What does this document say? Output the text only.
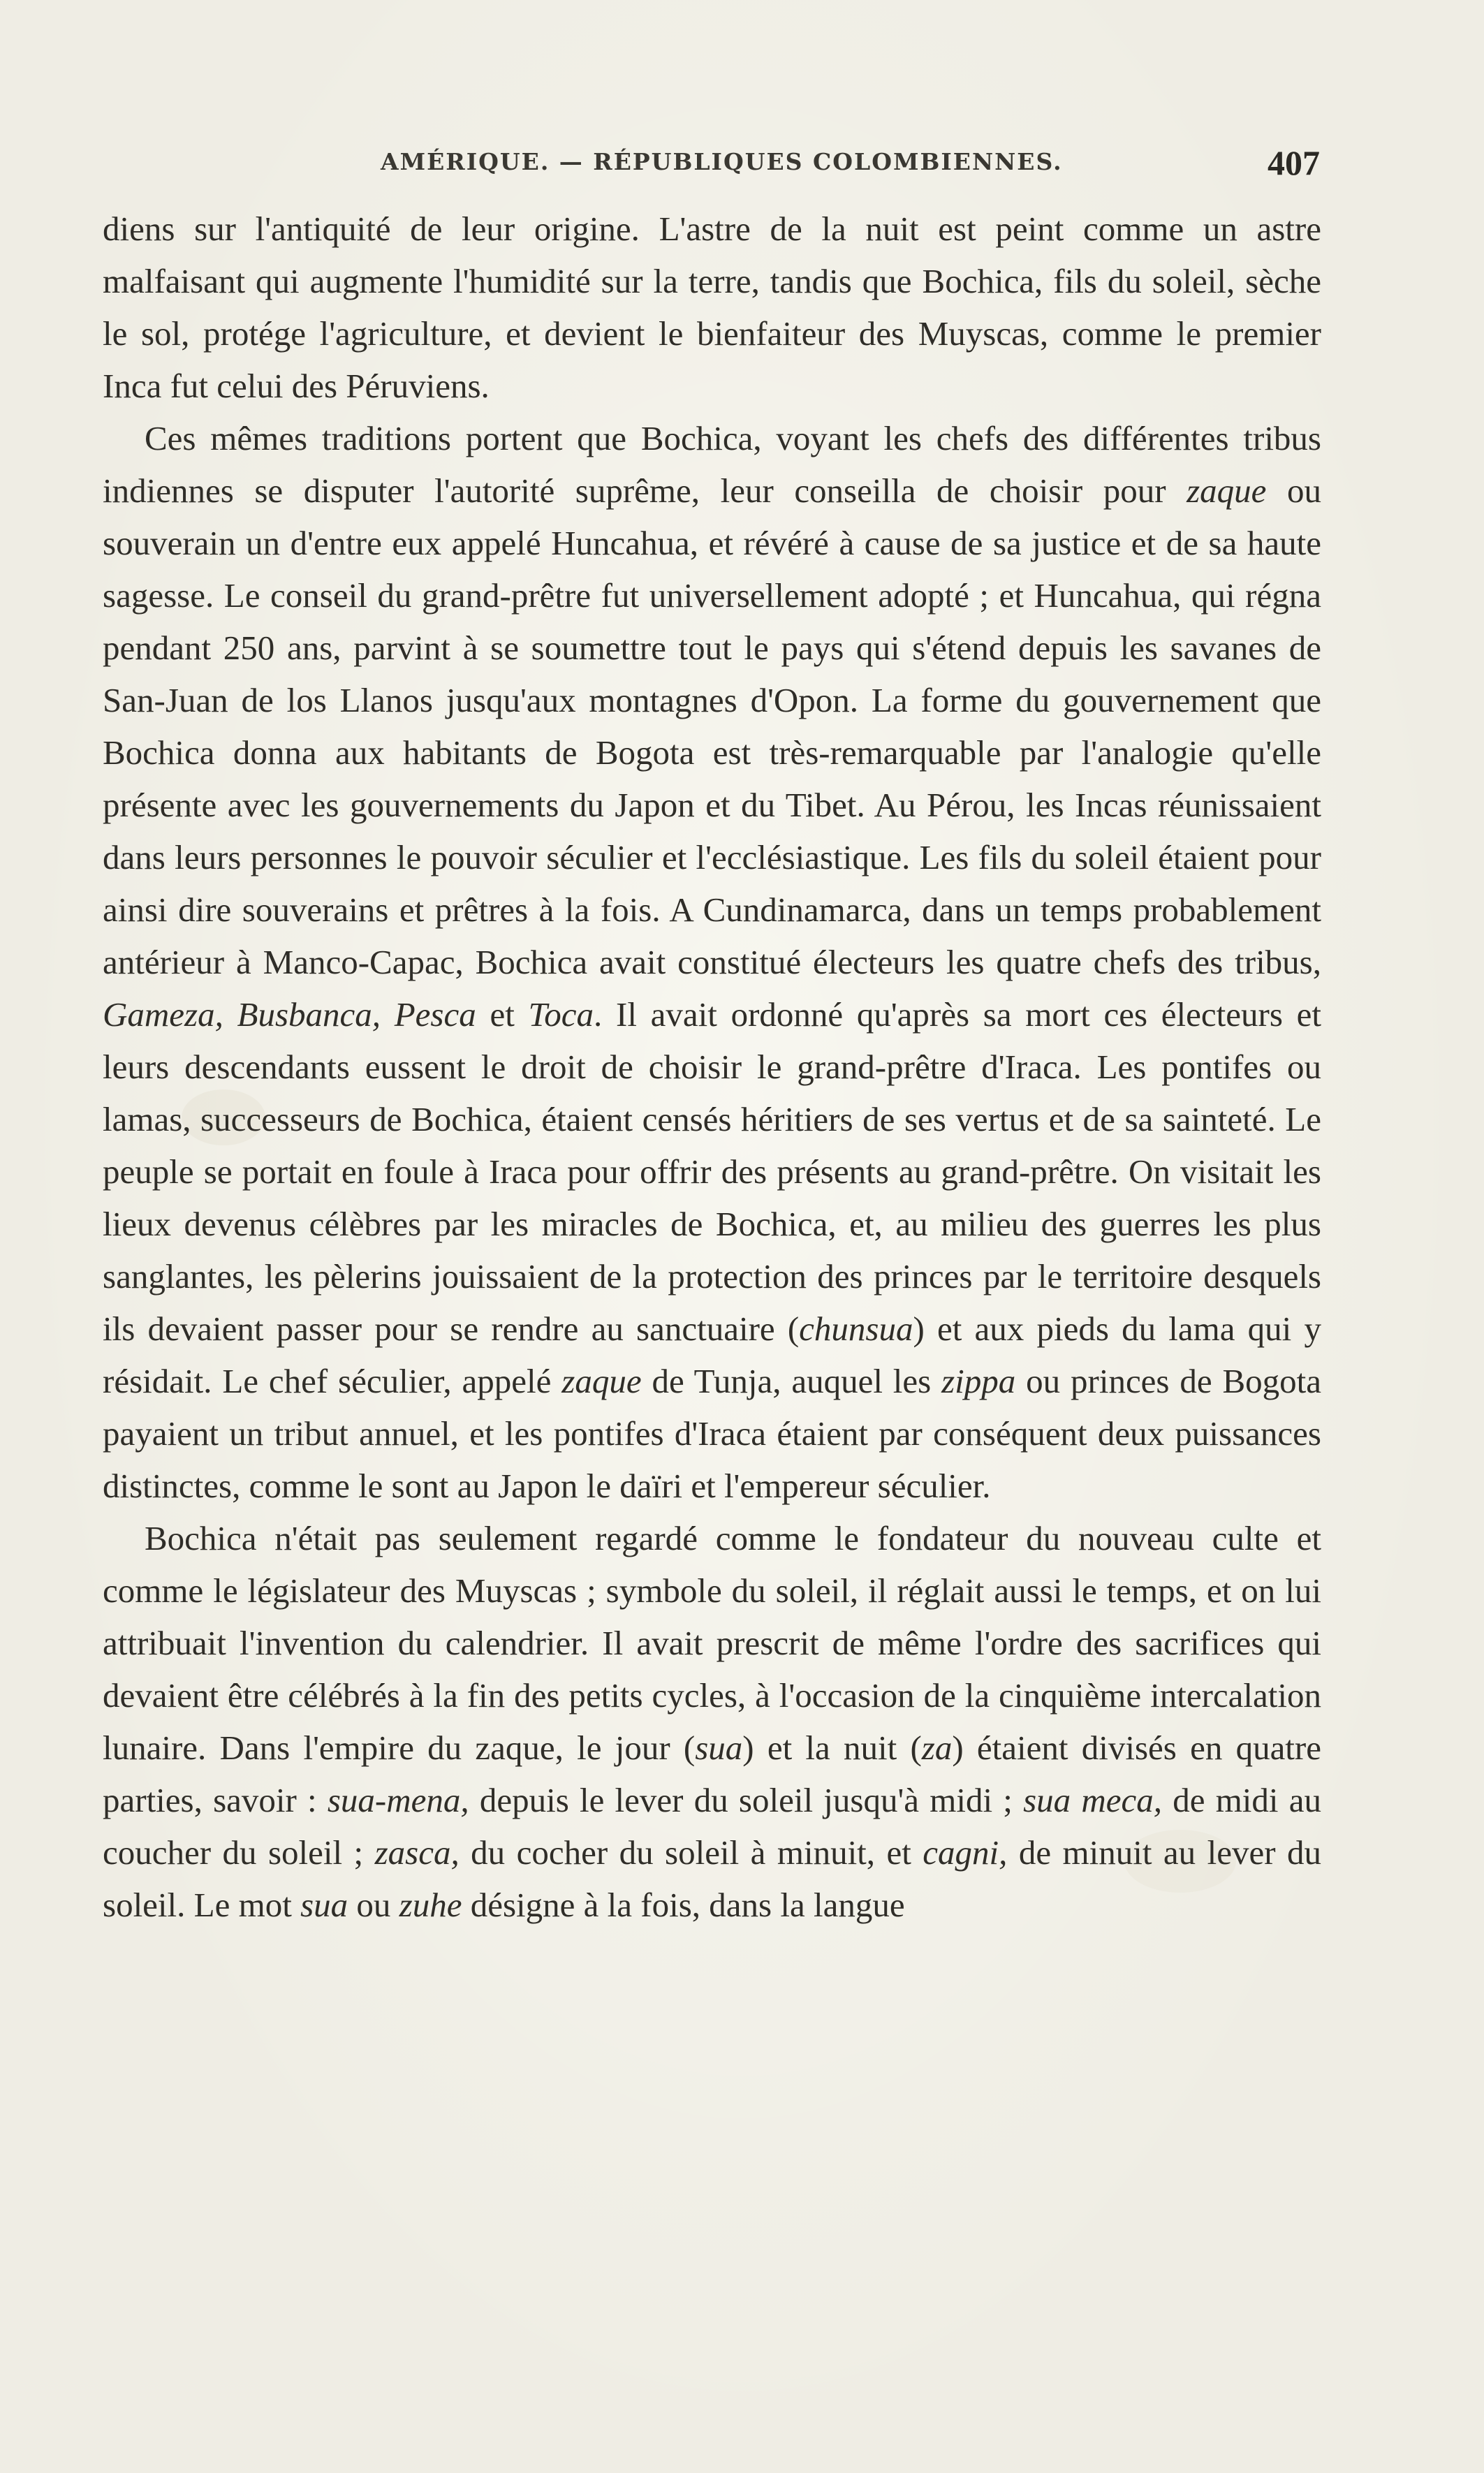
AMÉRIQUE. — RÉPUBLIQUES COLOMBIENNES.	407

diens sur l'antiquité de leur origine. L'astre de la nuit est peint comme un astre malfaisant qui augmente l'humidité sur la terre, tandis que Bochica, fils du soleil, sèche le sol, protége l'agriculture, et devient le bienfaiteur des Muyscas, comme le premier Inca fut celui des Péruviens.

Ces mêmes traditions portent que Bochica, voyant les chefs des différentes tribus indiennes se disputer l'autorité suprême, leur conseilla de choisir pour zaque ou souverain un d'entre eux appelé Huncahua, et révéré à cause de sa justice et de sa haute sagesse. Le conseil du grand-prêtre fut universellement adopté ; et Huncahua, qui régna pendant 250 ans, parvint à se soumettre tout le pays qui s'étend depuis les savanes de San-Juan de los Llanos jusqu'aux montagnes d'Opon. La forme du gouvernement que Bochica donna aux habitants de Bogota est très-remarquable par l'analogie qu'elle présente avec les gouvernements du Japon et du Tibet. Au Pérou, les Incas réunissaient dans leurs personnes le pouvoir séculier et l'ecclésiastique. Les fils du soleil étaient pour ainsi dire souverains et prêtres à la fois. A Cundinamarca, dans un temps probablement antérieur à Manco-Capac, Bochica avait constitué électeurs les quatre chefs des tribus, Gameza, Busbanca, Pesca et Toca. Il avait ordonné qu'après sa mort ces électeurs et leurs descendants eussent le droit de choisir le grand-prêtre d'Iraca. Les pontifes ou lamas, successeurs de Bochica, étaient censés héritiers de ses vertus et de sa sainteté. Le peuple se portait en foule à Iraca pour offrir des présents au grand-prêtre. On visitait les lieux devenus célèbres par les miracles de Bochica, et, au milieu des guerres les plus sanglantes, les pèlerins jouissaient de la protection des princes par le territoire desquels ils devaient passer pour se rendre au sanctuaire (chunsua) et aux pieds du lama qui y résidait. Le chef séculier, appelé zaque de Tunja, auquel les zippa ou princes de Bogota payaient un tribut annuel, et les pontifes d'Iraca étaient par conséquent deux puissances distinctes, comme le sont au Japon le daïri et l'empereur séculier.

Bochica n'était pas seulement regardé comme le fondateur du nouveau culte et comme le législateur des Muyscas ; symbole du soleil, il réglait aussi le temps, et on lui attribuait l'invention du calendrier. Il avait prescrit de même l'ordre des sacrifices qui devaient être célébrés à la fin des petits cycles, à l'occasion de la cinquième intercalation lunaire. Dans l'empire du zaque, le jour (sua) et la nuit (za) étaient divisés en quatre parties, savoir : sua-mena, depuis le lever du soleil jusqu'à midi ; sua meca, de midi au coucher du soleil ; zasca, du cocher du soleil à minuit, et cagni, de minuit au lever du soleil. Le mot sua ou zuhe désigne à la fois, dans la langue
